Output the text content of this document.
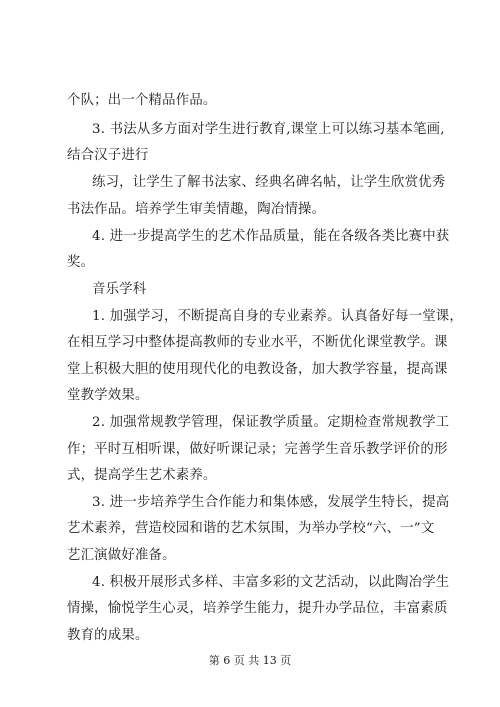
个队；出一个精品作品。
3. 书法从多方面对学生进行教育,课堂上可以练习基本笔画,
结合汉子进行
练习，让学生了解书法家、经典名碑名帖，让学生欣赏优秀
书法作品。培养学生审美情趣，陶冶情操。
4. 进一步提高学生的艺术作品质量，能在各级各类比赛中获
奖。
音乐学科
1. 加强学习，不断提高自身的专业素养。认真备好每一堂课，
在相互学习中整体提高教师的专业水平，不断优化课堂教学。课
堂上积极大胆的使用现代化的电教设备，加大教学容量，提高课
堂教学效果。
2. 加强常规教学管理，保证教学质量。定期检查常规教学工
作；平时互相听课，做好听课记录；完善学生音乐教学评价的形
式，提高学生艺术素养。
3. 进一步培养学生合作能力和集体感，发展学生特长，提高
艺术素养，营造校园和谐的艺术氛围，为举办学校“六、一”文
艺汇演做好准备。
4. 积极开展形式多样、丰富多彩的文艺活动，以此陶冶学生
情操，愉悦学生心灵，培养学生能力，提升办学品位，丰富素质
教育的成果。
第 6 页 共 13 页
